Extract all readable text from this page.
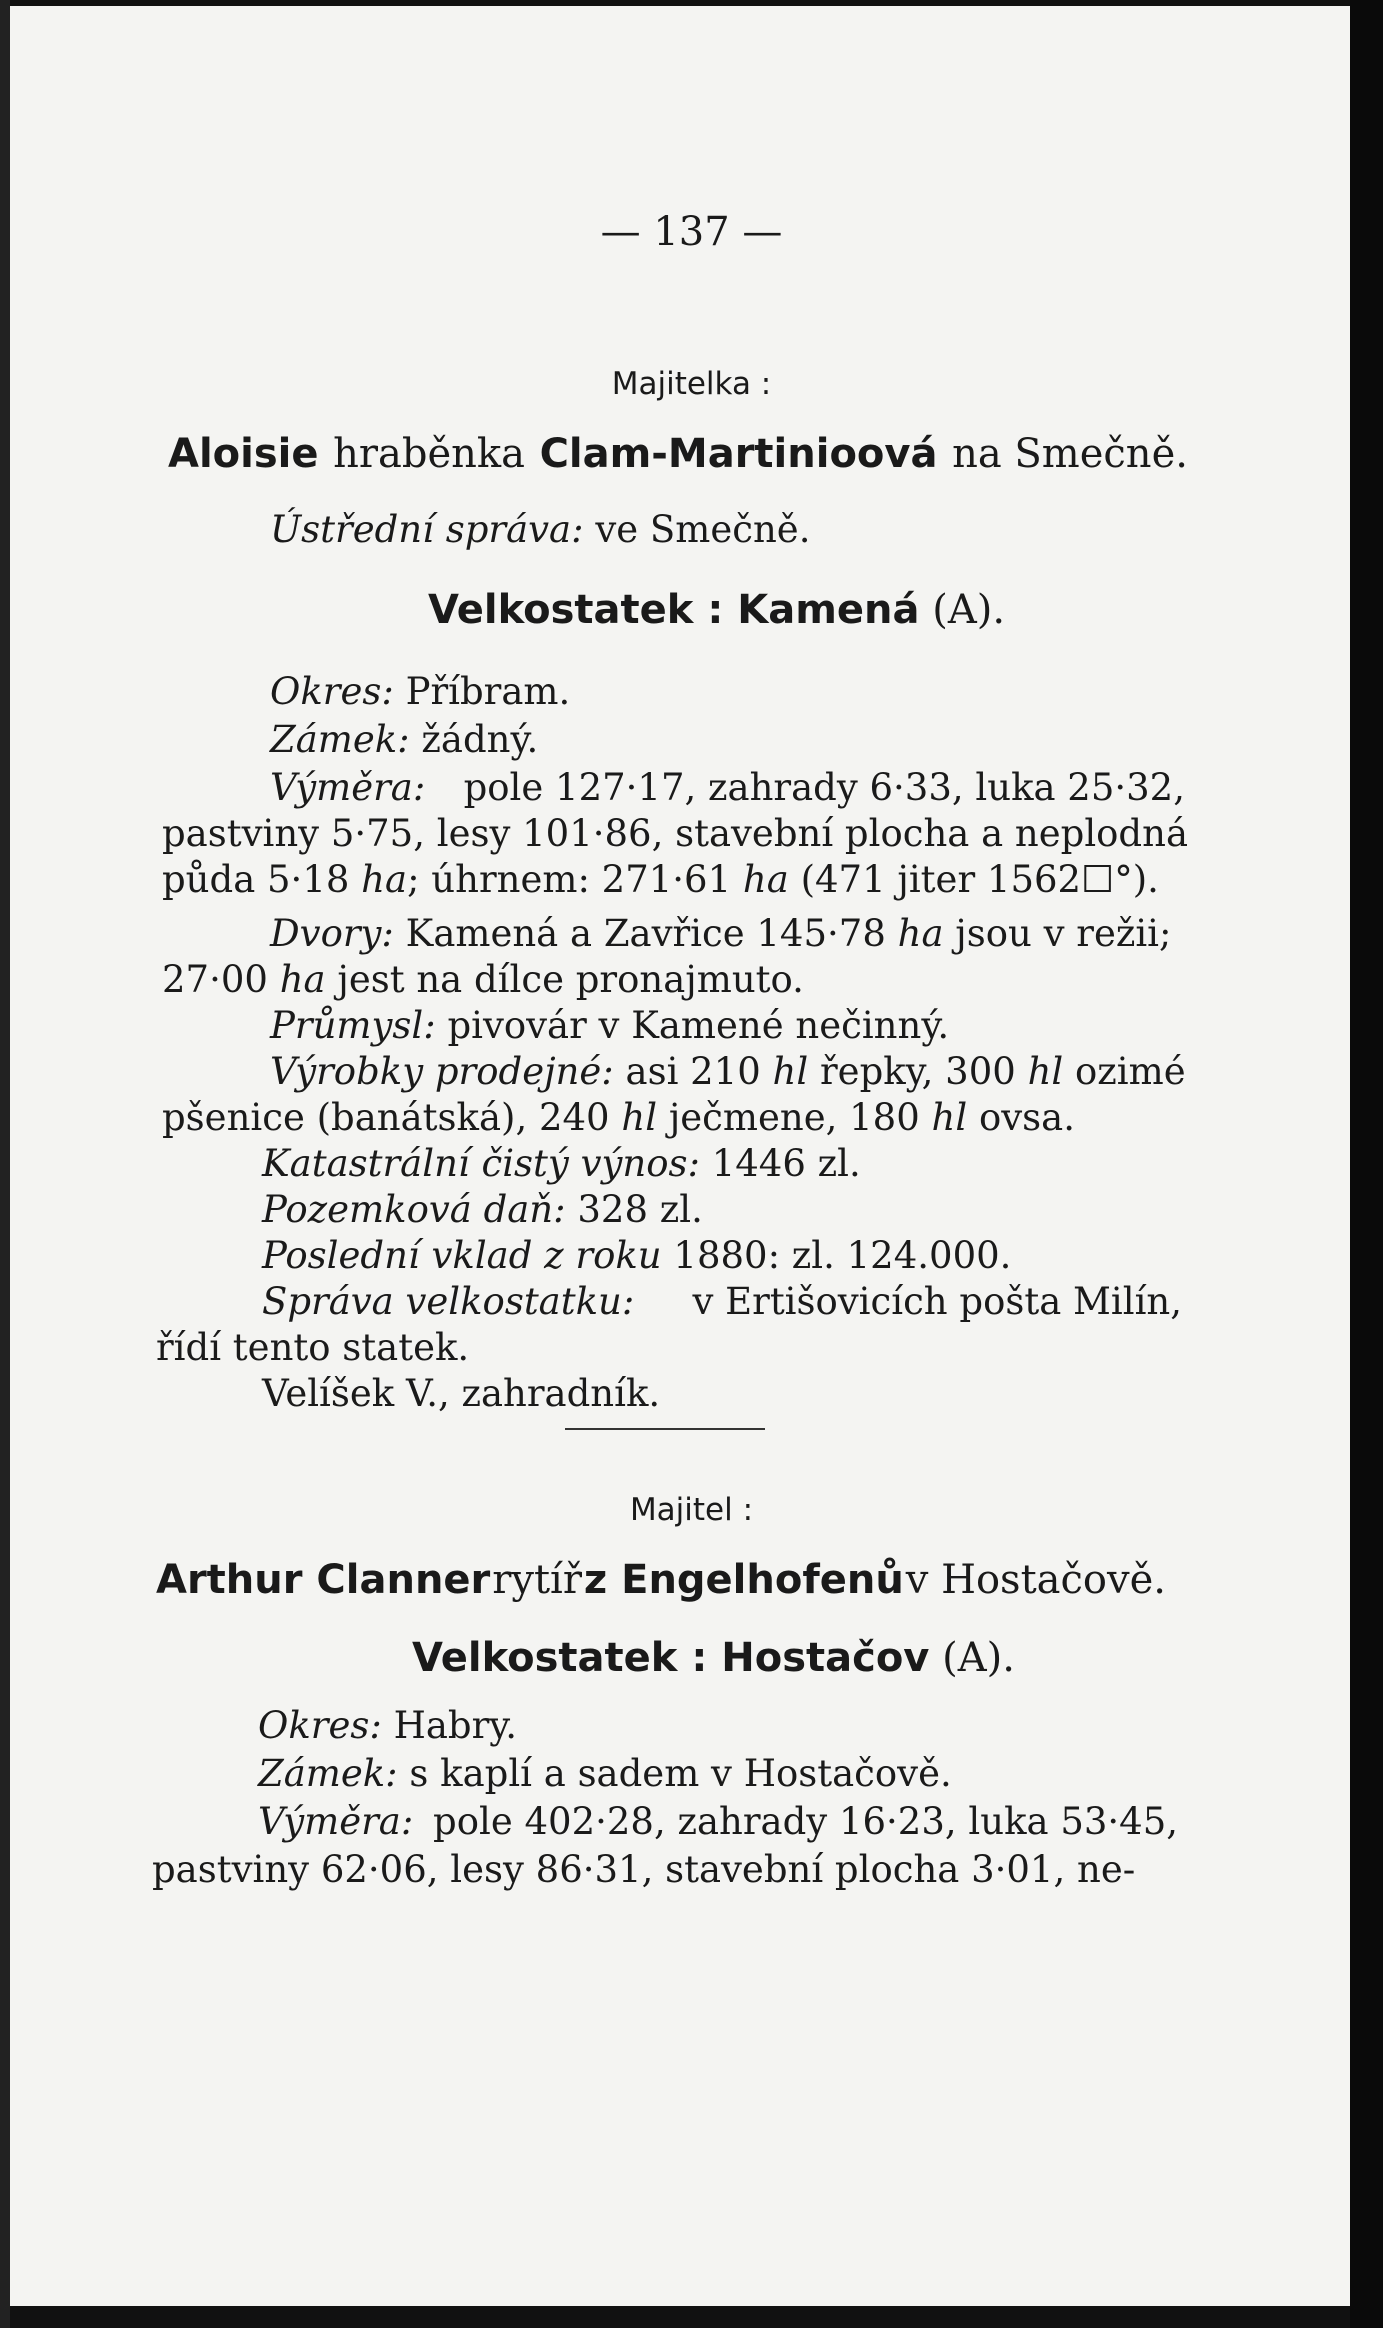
— 137 —
Majitelka :
Aloisie hraběnka Clam-Martinioová na Smečně.
Ústřední správa: ve Smečně.
Velkostatek : Kamená (A).
Okres: Příbram.
Zámek: žádný.
Výměra: pole 127·17, zahrady 6·33, luka 25·32,
pastviny 5·75, lesy 101·86, stavební plocha a neplodná
půda 5·18 ha; úhrnem: 271·61 ha (471 jiter 1562☐°).
Dvory: Kamená a Zavřice 145·78 ha jsou v režii;
27·00 ha jest na dílce pronajmuto.
Průmysl: pivovár v Kamené nečinný.
Výrobky prodejné: asi 210 hl řepky, 300 hl ozimé
pšenice (banátská), 240 hl ječmene, 180 hl ovsa.
Katastrální čistý výnos: 1446 zl.
Pozemková daň: 328 zl.
Poslední vklad z roku 1880: zl. 124.000.
Správa velkostatku: v Ertišovicích pošta Milín,
řídí tento statek.
Velíšek V., zahradník.
Majitel :
Arthur Clanner rytíř z Engelhofenů v Hostačově.
Velkostatek : Hostačov (A).
Okres: Habry.
Zámek: s kaplí a sadem v Hostačově.
Výměra: pole 402·28, zahrady 16·23, luka 53·45,
pastviny 62·06, lesy 86·31, stavební plocha 3·01, ne-
